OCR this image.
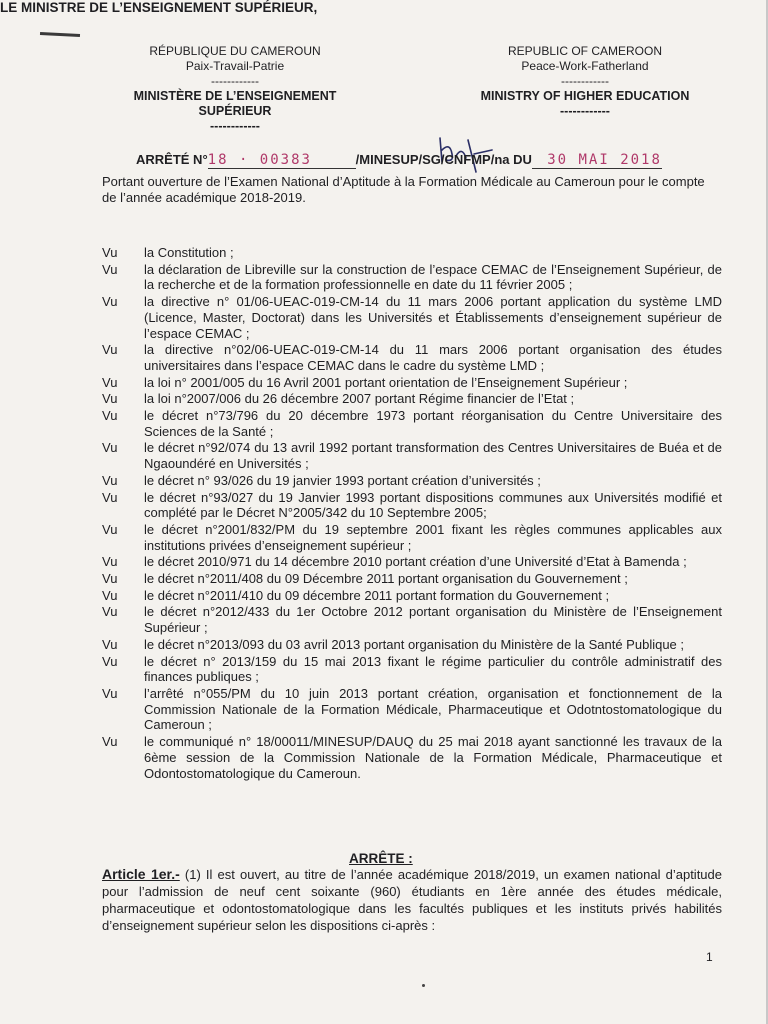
RÉPUBLIQUE DU CAMEROUN
Paix-Travail-Patrie
------------
MINISTÈRE DE L’ENSEIGNEMENT SUPÉRIEUR
------------
REPUBLIC OF CAMEROON
Peace-Work-Fatherland
------------
MINISTRY OF HIGHER EDUCATION
------------
ARRÊTÉ N°18 · 00383	/MINESUP/SG/CNFMP/na DU 30 MAI 2018
Portant ouverture de l’Examen National d’Aptitude à la Formation Médicale au Cameroun pour le compte de l’année académique 2018-2019.
LE MINISTRE DE L’ENSEIGNEMENT SUPÉRIEUR,
Vu	la Constitution ;
Vu	la déclaration de Libreville sur la construction de l’espace CEMAC de l’Enseignement Supérieur, de la recherche et de la formation professionnelle en date du 11 février 2005 ;
Vu	la directive n° 01/06-UEAC-019-CM-14 du 11 mars 2006 portant application du système LMD (Licence, Master, Doctorat) dans les Universités et Établissements d’enseignement supérieur de l’espace CEMAC ;
Vu	la directive n°02/06-UEAC-019-CM-14 du 11 mars 2006 portant organisation des études universitaires dans l’espace CEMAC dans le cadre du système LMD ;
Vu	la loi n° 2001/005 du 16 Avril 2001 portant orientation de l’Enseignement Supérieur ;
Vu	la loi n°2007/006 du 26 décembre 2007 portant Régime financier de l’Etat ;
Vu	le décret n°73/796 du 20 décembre 1973 portant réorganisation du Centre Universitaire des Sciences de la Santé ;
Vu	le décret n°92/074 du 13 avril 1992 portant transformation des Centres Universitaires de Buéa et de Ngaoundéré en Universités ;
Vu	le décret n° 93/026 du 19 janvier 1993 portant création d’universités ;
Vu	le décret n°93/027 du 19 Janvier 1993 portant dispositions communes aux Universités modifié et complété par le Décret N°2005/342 du 10 Septembre 2005;
Vu	le décret n°2001/832/PM du 19 septembre 2001 fixant les règles communes applicables aux institutions privées d’enseignement supérieur ;
Vu	le décret 2010/971 du 14 décembre 2010 portant création d’une Université d’Etat à Bamenda ;
Vu	le décret n°2011/408 du 09 Décembre 2011 portant organisation du Gouvernement ;
Vu	le décret n°2011/410 du 09 décembre 2011 portant formation du Gouvernement ;
Vu	le décret n°2012/433 du 1er Octobre 2012 portant organisation du Ministère de l’Enseignement Supérieur ;
Vu	le décret n°2013/093 du 03 avril 2013 portant organisation du Ministère de la Santé Publique ;
Vu	le décret n° 2013/159 du 15 mai 2013 fixant le régime particulier du contrôle administratif des finances publiques ;
Vu	l’arrêté n°055/PM du 10 juin 2013 portant création, organisation et fonctionnement de la Commission Nationale de la Formation Médicale, Pharmaceutique et Odotntostomatologique du Cameroun ;
Vu	le communiqué n° 18/00011/MINESUP/DAUQ du 25 mai 2018 ayant sanctionné les travaux de la 6ème session de la Commission Nationale de la Formation Médicale, Pharmaceutique et Odontostomatologique du Cameroun.
ARRÊTE :
Article 1er.- (1) Il est ouvert, au titre de l’année académique 2018/2019, un examen national d’aptitude pour l’admission de neuf cent soixante (960) étudiants en 1ère année des études médicale, pharmaceutique et odontostomatologique dans les facultés publiques et les instituts privés habilités d’enseignement supérieur selon les dispositions ci-après :
1
